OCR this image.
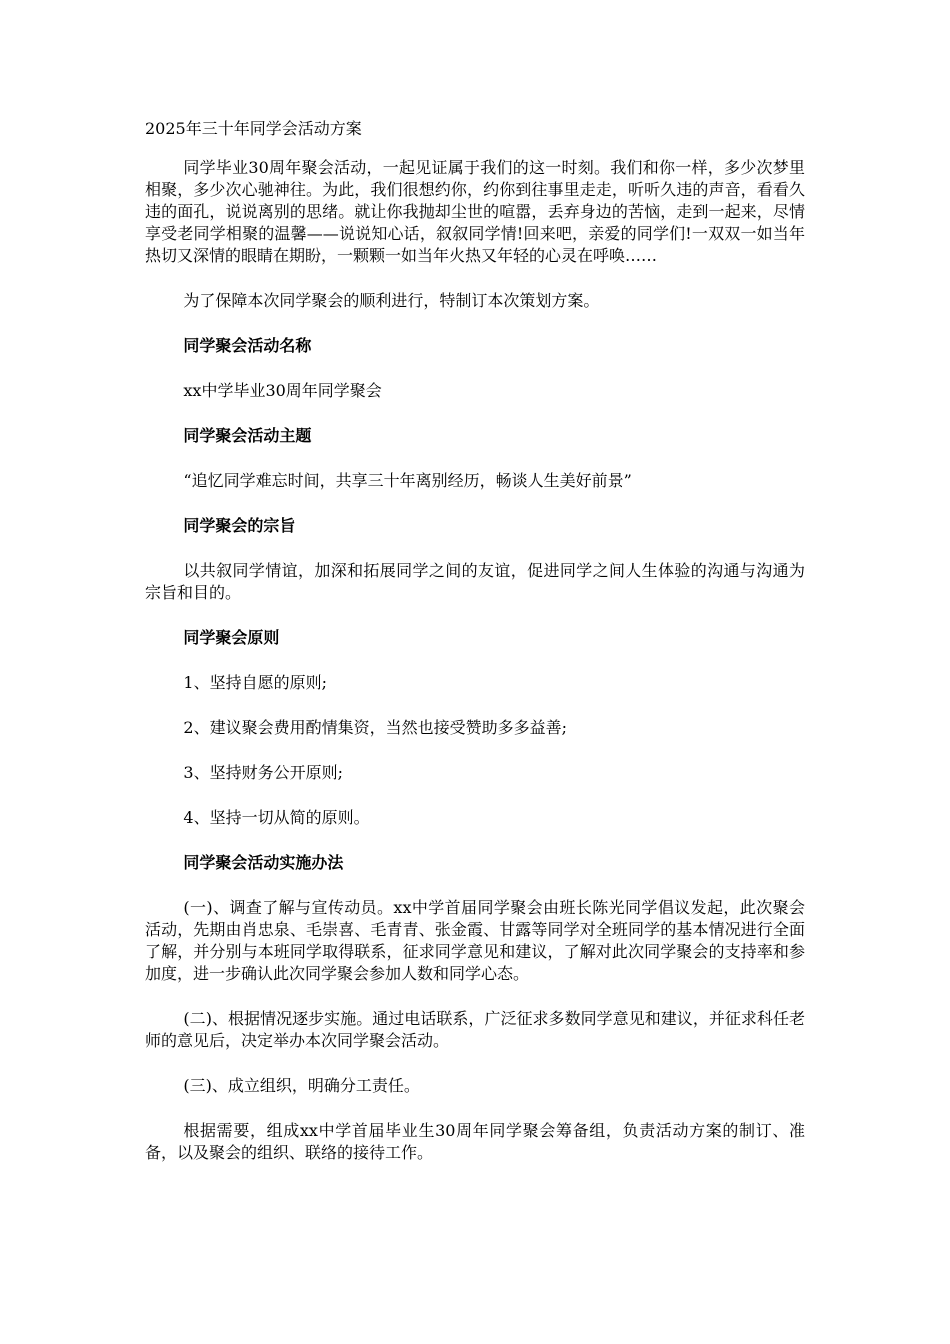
2025年三十年同学会活动方案

同学毕业30周年聚会活动，一起见证属于我们的这一时刻。我们和你一样，多少次梦里相聚，多少次心驰神往。为此，我们很想约你，约你到往事里走走，听听久违的声音，看看久违的面孔，说说离别的思绪。就让你我抛却尘世的喧嚣，丢弃身边的苦恼，走到一起来，尽情享受老同学相聚的温馨——说说知心话，叙叙同学情!回来吧，亲爱的同学们!一双双一如当年热切又深情的眼睛在期盼，一颗颗一如当年火热又年轻的心灵在呼唤……

为了保障本次同学聚会的顺利进行，特制订本次策划方案。

同学聚会活动名称

xx中学毕业30周年同学聚会

同学聚会活动主题

“追忆同学难忘时间，共享三十年离别经历，畅谈人生美好前景”

同学聚会的宗旨

以共叙同学情谊，加深和拓展同学之间的友谊，促进同学之间人生体验的沟通与沟通为宗旨和目的。

同学聚会原则

1、坚持自愿的原则;

2、建议聚会费用酌情集资，当然也接受赞助多多益善;

3、坚持财务公开原则;

4、坚持一切从简的原则。

同学聚会活动实施办法

(一)、调查了解与宣传动员。xx中学首届同学聚会由班长陈光同学倡议发起，此次聚会活动，先期由肖忠泉、毛崇喜、毛青青、张金霞、甘露等同学对全班同学的基本情况进行全面了解，并分别与本班同学取得联系，征求同学意见和建议，了解对此次同学聚会的支持率和参加度，进一步确认此次同学聚会参加人数和同学心态。

(二)、根据情况逐步实施。通过电话联系，广泛征求多数同学意见和建议，并征求科任老师的意见后，决定举办本次同学聚会活动。

(三)、成立组织，明确分工责任。

根据需要，组成xx中学首届毕业生30周年同学聚会筹备组，负责活动方案的制订、准备，以及聚会的组织、联络的接待工作。
